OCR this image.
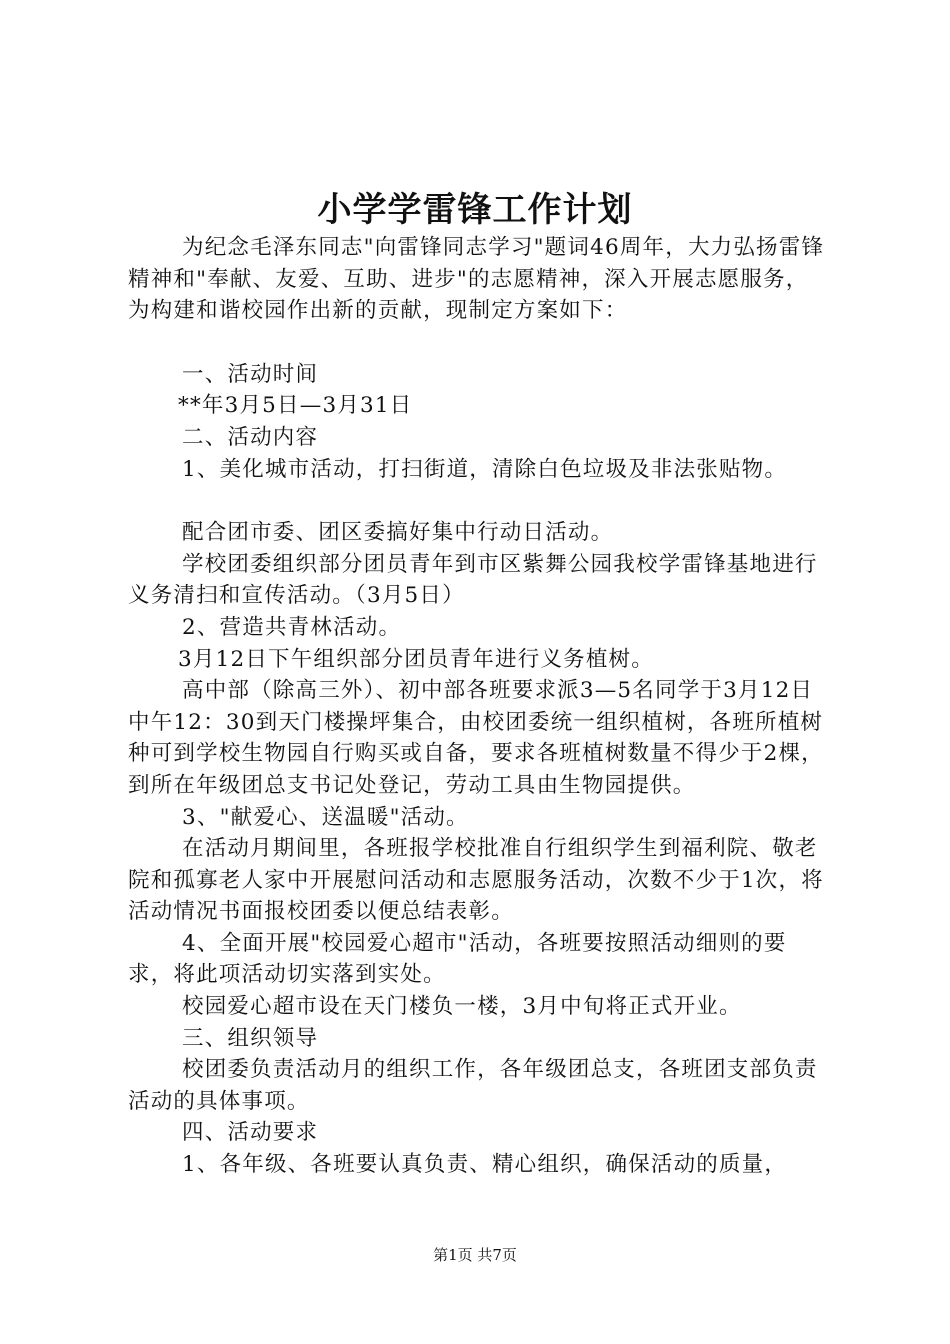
小学学雷锋工作计划

为纪念毛泽东同志"向雷锋同志学习"题词46周年，大力弘扬雷锋精神和"奉献、友爱、互助、进步"的志愿精神，深入开展志愿服务，为构建和谐校园作出新的贡献，现制定方案如下：

一、活动时间

**年3月5日—3月31日

二、活动内容

1、美化城市活动，打扫街道，清除白色垃圾及非法张贴物。

配合团市委、团区委搞好集中行动日活动。

学校团委组织部分团员青年到市区紫舞公园我校学雷锋基地进行义务清扫和宣传活动。（3月5日）

2、营造共青林活动。

3月12日下午组织部分团员青年进行义务植树。

高中部（除高三外）、初中部各班要求派3—5名同学于3月12日中午12：30到天门楼操坪集合，由校团委统一组织植树，各班所植树种可到学校生物园自行购买或自备，要求各班植树数量不得少于2棵，到所在年级团总支书记处登记，劳动工具由生物园提供。

3、"献爱心、送温暖"活动。

在活动月期间里，各班报学校批准自行组织学生到福利院、敬老院和孤寡老人家中开展慰问活动和志愿服务活动，次数不少于1次，将活动情况书面报校团委以便总结表彰。

4、全面开展"校园爱心超市"活动，各班要按照活动细则的要求，将此项活动切实落到实处。

校园爱心超市设在天门楼负一楼，3月中旬将正式开业。

三、组织领导

校团委负责活动月的组织工作，各年级团总支，各班团支部负责活动的具体事项。

四、活动要求

1、各年级、各班要认真负责、精心组织，确保活动的质量，

第1页 共7页
